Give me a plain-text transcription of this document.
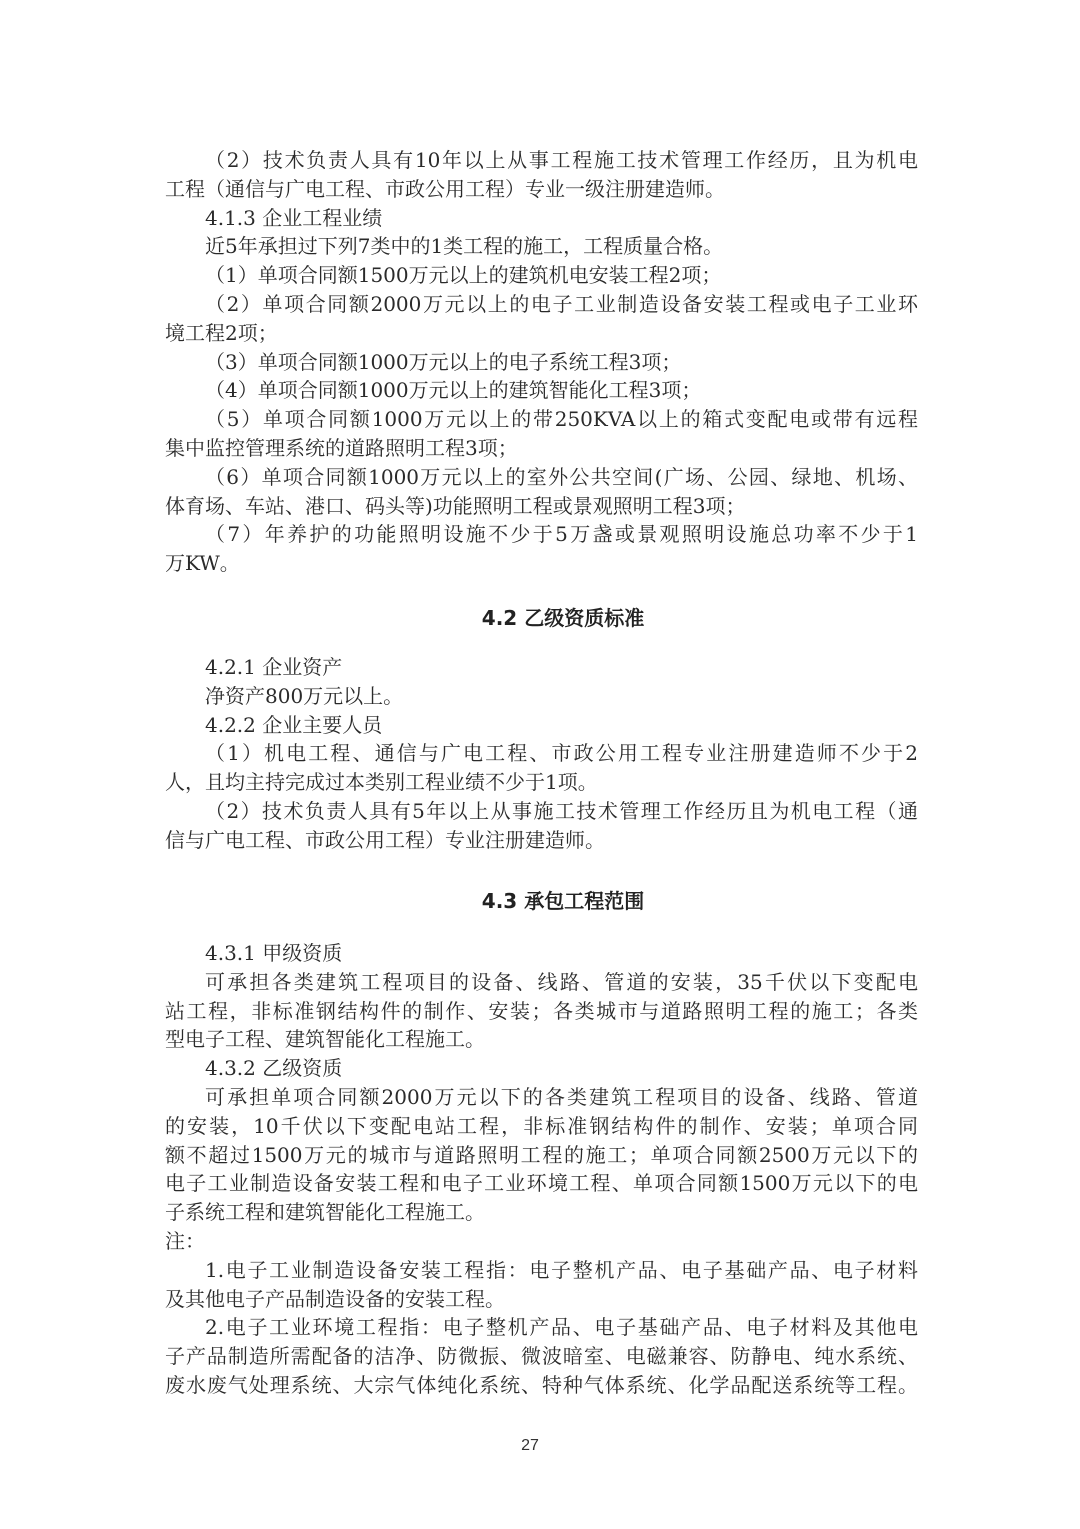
（2）技术负责人具有10年以上从事工程施工技术管理工作经历，且为机电
工程（通信与广电工程、市政公用工程）专业一级注册建造师。
4.1.3 企业工程业绩
近5年承担过下列7类中的1类工程的施工，工程质量合格。
（1）单项合同额1500万元以上的建筑机电安装工程2项；
（2）单项合同额2000万元以上的电子工业制造设备安装工程或电子工业环
境工程2项；
（3）单项合同额1000万元以上的电子系统工程3项；
（4）单项合同额1000万元以上的建筑智能化工程3项；
（5）单项合同额1000万元以上的带250KVA以上的箱式变配电或带有远程
集中监控管理系统的道路照明工程3项；
（6）单项合同额1000万元以上的室外公共空间(广场、公园、绿地、机场、
体育场、车站、港口、码头等)功能照明工程或景观照明工程3项；
（7）年养护的功能照明设施不少于5万盏或景观照明设施总功率不少于1
万KW。
4.2 乙级资质标准
4.2.1 企业资产
净资产800万元以上。
4.2.2 企业主要人员
（1）机电工程、通信与广电工程、市政公用工程专业注册建造师不少于2
人，且均主持完成过本类别工程业绩不少于1项。
（2）技术负责人具有5年以上从事施工技术管理工作经历且为机电工程（通
信与广电工程、市政公用工程）专业注册建造师。
4.3 承包工程范围
4.3.1 甲级资质
可承担各类建筑工程项目的设备、线路、管道的安装，35千伏以下变配电
站工程，非标准钢结构件的制作、安装；各类城市与道路照明工程的施工；各类
型电子工程、建筑智能化工程施工。
4.3.2 乙级资质
可承担单项合同额2000万元以下的各类建筑工程项目的设备、线路、管道
的安装，10千伏以下变配电站工程，非标准钢结构件的制作、安装；单项合同
额不超过1500万元的城市与道路照明工程的施工；单项合同额2500万元以下的
电子工业制造设备安装工程和电子工业环境工程、单项合同额1500万元以下的电
子系统工程和建筑智能化工程施工。
注：
1.电子工业制造设备安装工程指：电子整机产品、电子基础产品、电子材料
及其他电子产品制造设备的安装工程。
2.电子工业环境工程指：电子整机产品、电子基础产品、电子材料及其他电
子产品制造所需配备的洁净、防微振、微波暗室、电磁兼容、防静电、纯水系统、
废水废气处理系统、大宗气体纯化系统、特种气体系统、化学品配送系统等工程。
27
